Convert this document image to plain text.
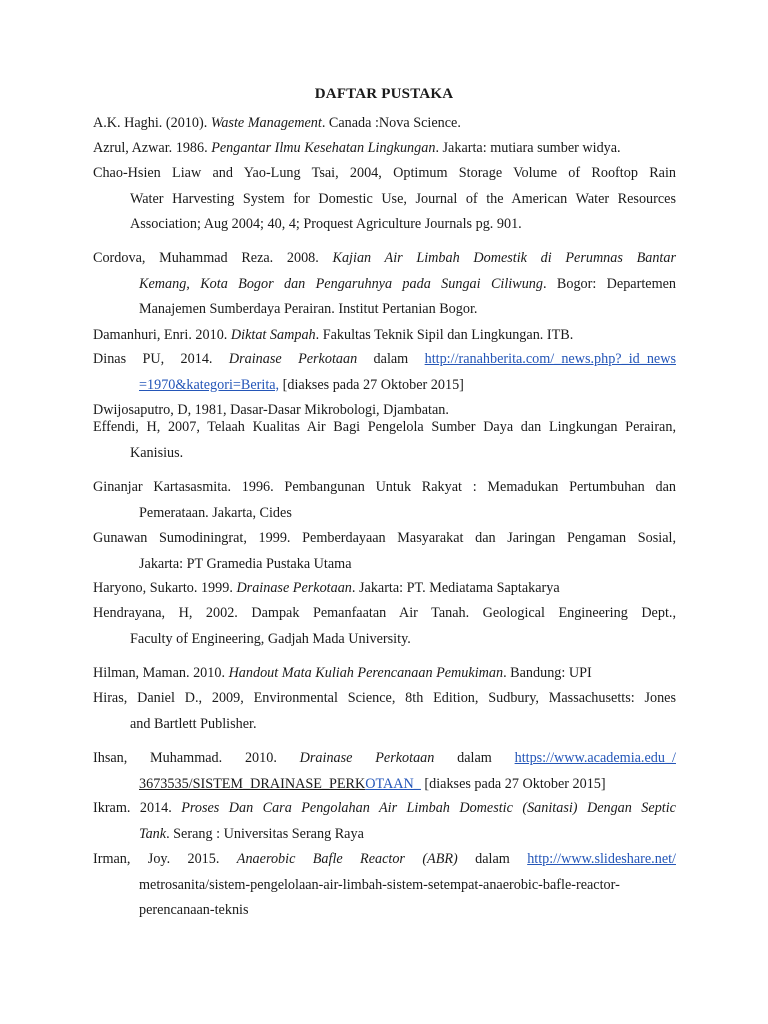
DAFTAR PUSTAKA
A.K. Haghi. (2010). Waste Management. Canada :Nova Science.
Azrul, Azwar. 1986. Pengantar Ilmu Kesehatan Lingkungan. Jakarta: mutiara sumber widya.
Chao-Hsien Liaw and Yao-Lung Tsai, 2004, Optimum Storage Volume of Rooftop Rain
Water Harvesting System for Domestic Use, Journal of the American Water Resources
Association; Aug 2004; 40, 4; Proquest Agriculture Journals pg. 901.
Cordova, Muhammad Reza. 2008. Kajian Air Limbah Domestik di Perumnas Bantar
Kemang, Kota Bogor dan Pengaruhnya pada Sungai Ciliwung. Bogor: Departemen
Manajemen Sumberdaya Perairan. Institut Pertanian Bogor.
Damanhuri, Enri. 2010. Diktat Sampah. Fakultas Teknik Sipil dan Lingkungan. ITB.
Dinas PU, 2014. Drainase Perkotaan dalam http://ranahberita.com/_news.php?_id_news
=1970&kategori=Berita, [diakses pada 27 Oktober 2015]
Dwijosaputro, D, 1981, Dasar-Dasar Mikrobologi, Djambatan.
Effendi, H, 2007, Telaah Kualitas Air Bagi Pengelola Sumber Daya dan Lingkungan Perairan,
Kanisius.
Ginanjar Kartasasmita. 1996. Pembangunan Untuk Rakyat : Memadukan Pertumbuhan dan
Pemerataan. Jakarta, Cides
Gunawan Sumodiningrat, 1999. Pemberdayaan Masyarakat dan Jaringan Pengaman Sosial,
Jakarta: PT Gramedia Pustaka Utama
Haryono, Sukarto. 1999. Drainase Perkotaan. Jakarta: PT. Mediatama Saptakarya
Hendrayana, H, 2002. Dampak Pemanfaatan Air Tanah. Geological Engineering Dept.,
Faculty of Engineering, Gadjah Mada University.
Hilman, Maman. 2010. Handout Mata Kuliah Perencanaan Pemukiman. Bandung: UPI
Hiras, Daniel D., 2009, Environmental Science, 8th Edition, Sudbury, Massachusetts: Jones
and Bartlett Publisher.
Ihsan, Muhammad. 2010. Drainase Perkotaan dalam https://www.academia.edu_/
3673535/SISTEM_DRAINASE_PERKOTAAN_ [diakses pada 27 Oktober 2015]
Ikram. 2014. Proses Dan Cara Pengolahan Air Limbah Domestic (Sanitasi) Dengan Septic
Tank. Serang : Universitas Serang Raya
Irman, Joy. 2015. Anaerobic Bafle Reactor (ABR) dalam http://www.slideshare.net/
metrosanita/sistem-pengelolaan-air-limbah-sistem-setempat-anaerobic-bafle-reactor-
perencanaan-teknis
